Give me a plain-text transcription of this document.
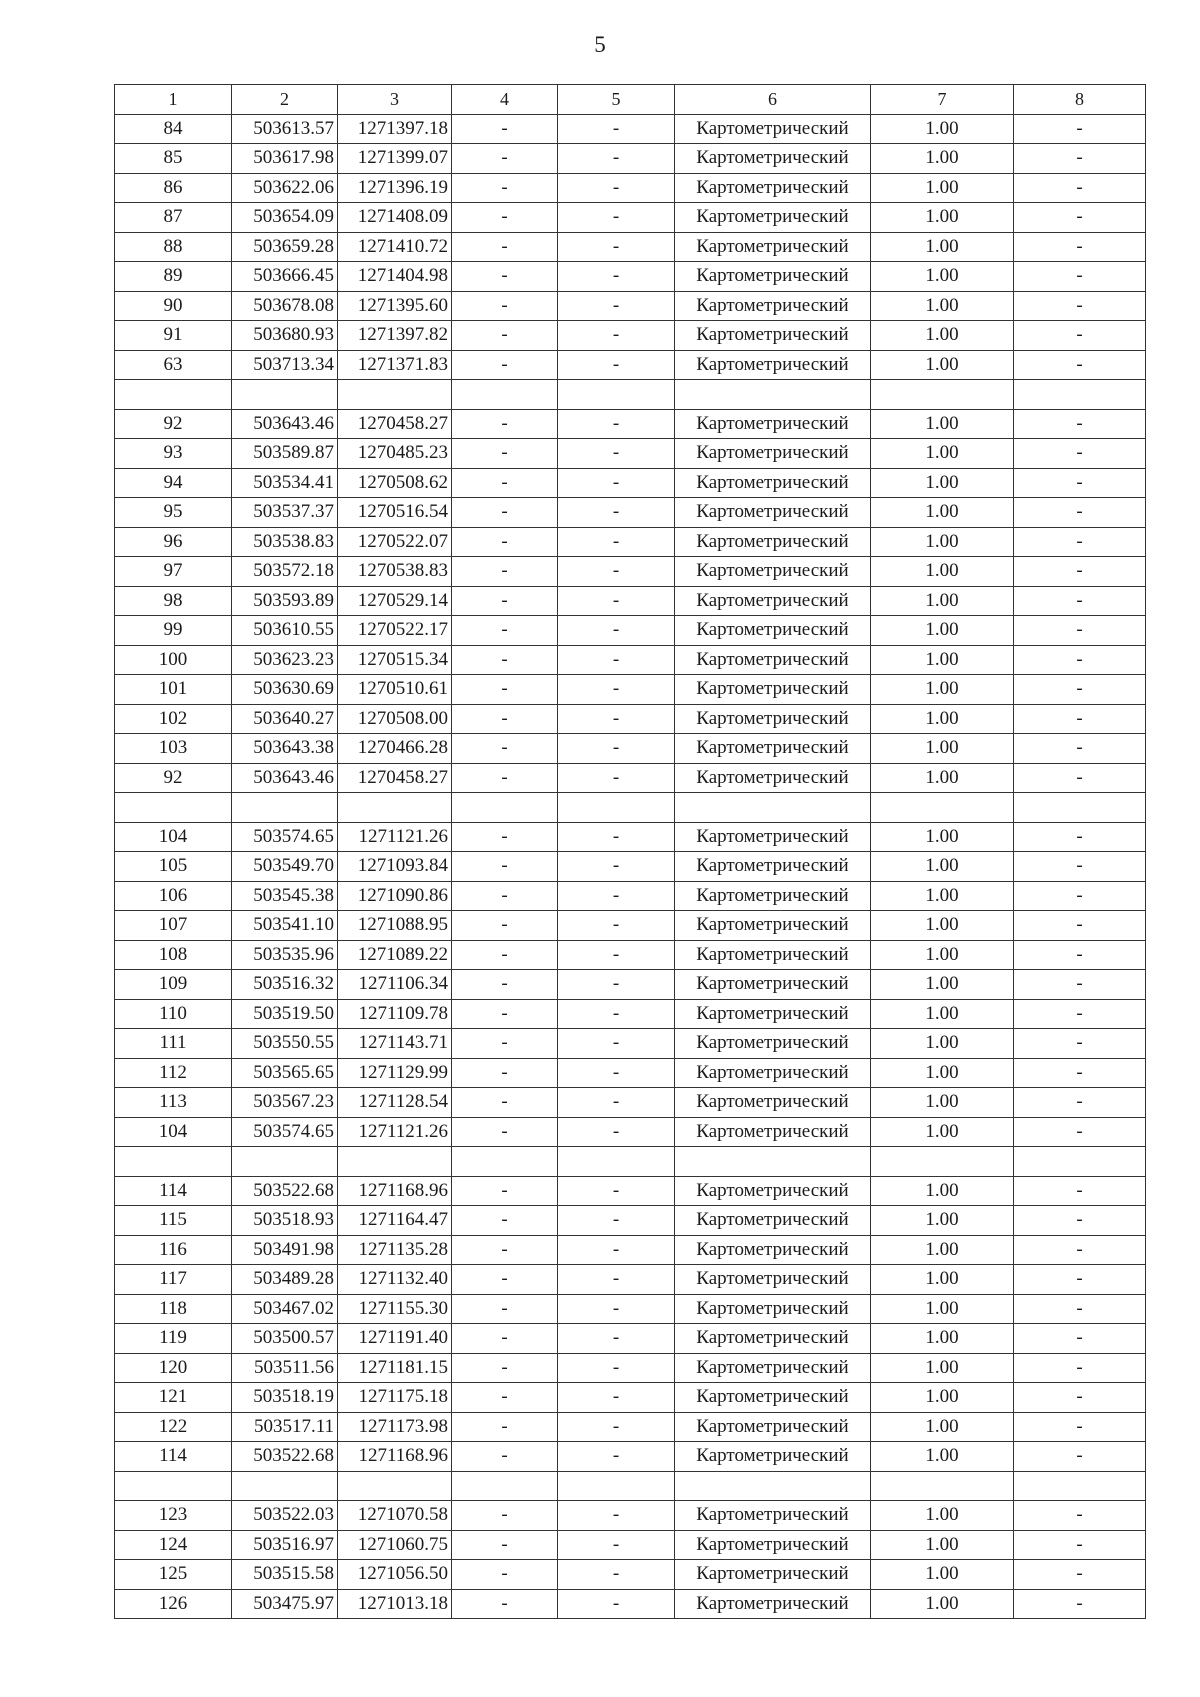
5
1	2	3	4	5	6	7	8
84	503613.57	1271397.18	-	-	Картометрический	1.00	-
85	503617.98	1271399.07	-	-	Картометрический	1.00	-
86	503622.06	1271396.19	-	-	Картометрический	1.00	-
87	503654.09	1271408.09	-	-	Картометрический	1.00	-
88	503659.28	1271410.72	-	-	Картометрический	1.00	-
89	503666.45	1271404.98	-	-	Картометрический	1.00	-
90	503678.08	1271395.60	-	-	Картометрический	1.00	-
91	503680.93	1271397.82	-	-	Картометрический	1.00	-
63	503713.34	1271371.83	-	-	Картометрический	1.00	-

92	503643.46	1270458.27	-	-	Картометрический	1.00	-
93	503589.87	1270485.23	-	-	Картометрический	1.00	-
94	503534.41	1270508.62	-	-	Картометрический	1.00	-
95	503537.37	1270516.54	-	-	Картометрический	1.00	-
96	503538.83	1270522.07	-	-	Картометрический	1.00	-
97	503572.18	1270538.83	-	-	Картометрический	1.00	-
98	503593.89	1270529.14	-	-	Картометрический	1.00	-
99	503610.55	1270522.17	-	-	Картометрический	1.00	-
100	503623.23	1270515.34	-	-	Картометрический	1.00	-
101	503630.69	1270510.61	-	-	Картометрический	1.00	-
102	503640.27	1270508.00	-	-	Картометрический	1.00	-
103	503643.38	1270466.28	-	-	Картометрический	1.00	-
92	503643.46	1270458.27	-	-	Картометрический	1.00	-

104	503574.65	1271121.26	-	-	Картометрический	1.00	-
105	503549.70	1271093.84	-	-	Картометрический	1.00	-
106	503545.38	1271090.86	-	-	Картометрический	1.00	-
107	503541.10	1271088.95	-	-	Картометрический	1.00	-
108	503535.96	1271089.22	-	-	Картометрический	1.00	-
109	503516.32	1271106.34	-	-	Картометрический	1.00	-
110	503519.50	1271109.78	-	-	Картометрический	1.00	-
111	503550.55	1271143.71	-	-	Картометрический	1.00	-
112	503565.65	1271129.99	-	-	Картометрический	1.00	-
113	503567.23	1271128.54	-	-	Картометрический	1.00	-
104	503574.65	1271121.26	-	-	Картометрический	1.00	-

114	503522.68	1271168.96	-	-	Картометрический	1.00	-
115	503518.93	1271164.47	-	-	Картометрический	1.00	-
116	503491.98	1271135.28	-	-	Картометрический	1.00	-
117	503489.28	1271132.40	-	-	Картометрический	1.00	-
118	503467.02	1271155.30	-	-	Картометрический	1.00	-
119	503500.57	1271191.40	-	-	Картометрический	1.00	-
120	503511.56	1271181.15	-	-	Картометрический	1.00	-
121	503518.19	1271175.18	-	-	Картометрический	1.00	-
122	503517.11	1271173.98	-	-	Картометрический	1.00	-
114	503522.68	1271168.96	-	-	Картометрический	1.00	-

123	503522.03	1271070.58	-	-	Картометрический	1.00	-
124	503516.97	1271060.75	-	-	Картометрический	1.00	-
125	503515.58	1271056.50	-	-	Картометрический	1.00	-
126	503475.97	1271013.18	-	-	Картометрический	1.00	-
